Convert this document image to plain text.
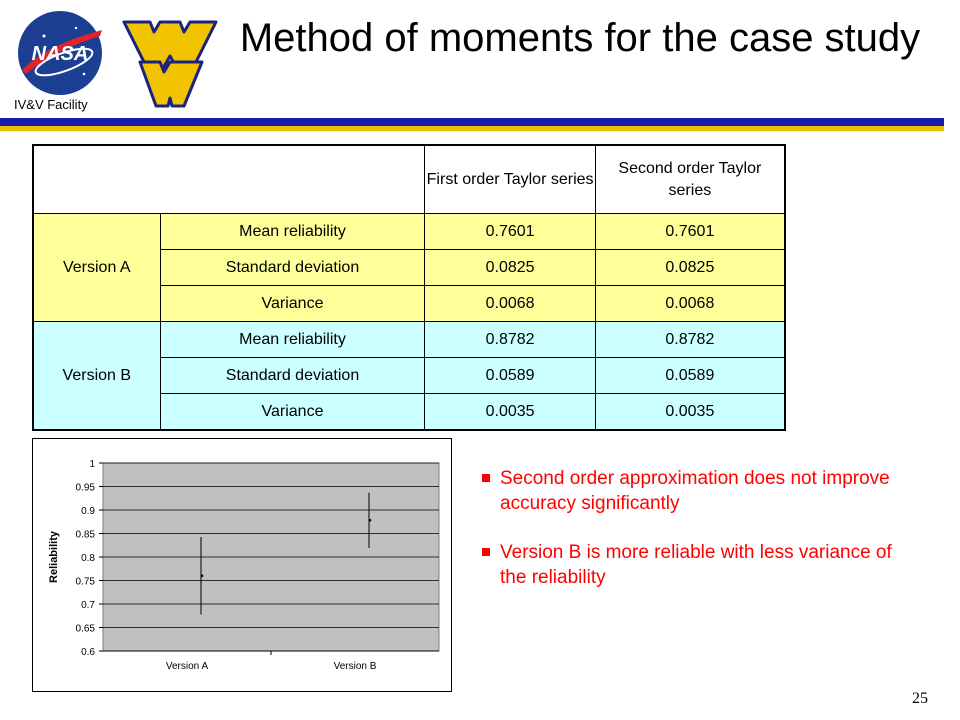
NASA
IV&V Facility
Method of moments for the case study
		First order Taylor series	Second order Taylor series
Version A	Mean reliability	0.7601	0.7601
	Standard deviation	0.0825	0.0825
	Variance	0.0068	0.0068
Version B	Mean reliability	0.8782	0.8782
	Standard deviation	0.0589	0.0589
	Variance	0.0035	0.0035
1
0.95
0.9
0.85
0.8
0.75
0.7
0.65
0.6
Version A	Version B
Reliability
Second order approximation does not improve accuracy significantly
Version B is more reliable with less variance of the reliability
25
